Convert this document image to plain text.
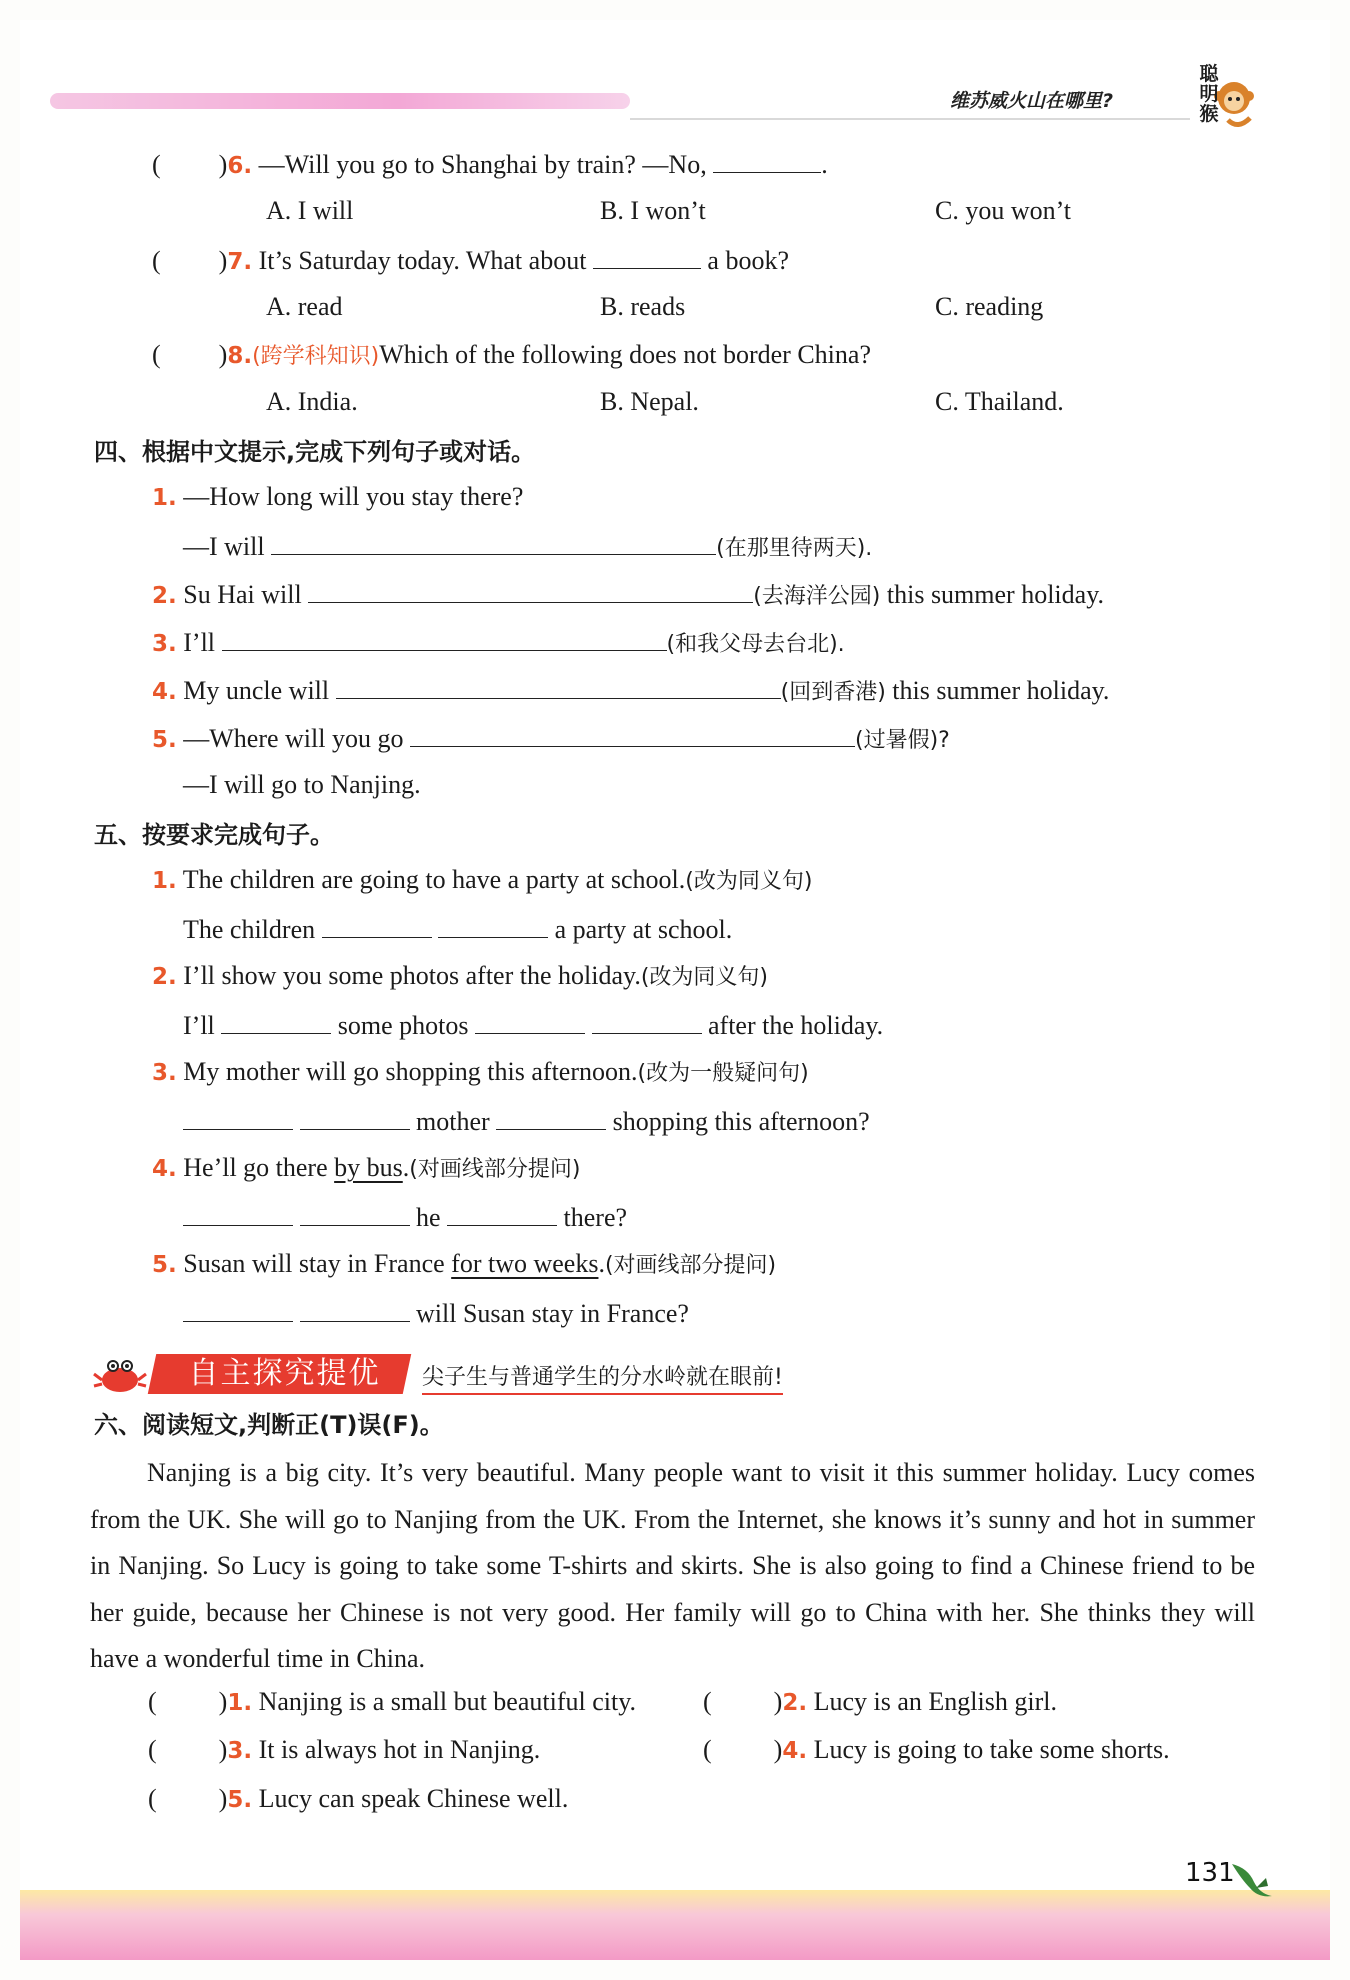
维苏威火山在哪里?
聪
明
猴
( )6. —Will you go to Shanghai by train? —No,	.
A. I will	B. I won’t	C. you won’t
( )7. It’s Saturday today. What about	a book?
A. read	B. reads	C. reading
( )8.(跨学科知识)Which of the following does not border China?
A. India.	B. Nepal.	C. Thailand.
四、根据中文提示,完成下列句子或对话。
1. —How long will you stay there?
—I will	(在那里待两天).
2. Su Hai will	(去海洋公园) this summer holiday.
3. I’ll	(和我父母去台北).
4. My uncle will	(回到香港) this summer holiday.
5. —Where will you go	(过暑假)?
—I will go to Nanjing.
五、按要求完成句子。
1. The children are going to have a party at school.(改为同义句)
The children	a party at school.
2. I’ll show you some photos after the holiday.(改为同义句)
I’ll	some photos	after the holiday.
3. My mother will go shopping this afternoon.(改为一般疑问句)
mother	shopping this afternoon?
4. He’ll go there by bus.(对画线部分提问)
he	there?
5. Susan will stay in France for two weeks.(对画线部分提问)
will Susan stay in France?
自主探究提优	尖子生与普通学生的分水岭就在眼前!
六、阅读短文,判断正(T)误(F)。
Nanjing is a big city. It’s very beautiful. Many people want to visit it this summer holiday. Lucy comes from the UK. She will go to Nanjing from the UK. From the Internet, she knows it’s sunny and hot in summer in Nanjing. So Lucy is going to take some T-shirts and skirts. She is also going to find a Chinese friend to be her guide, because her Chinese is not very good. Her family will go to China with her. She thinks they will have a wonderful time in China.
( )1. Nanjing is a small but beautiful city.	( )2. Lucy is an English girl.
( )3. It is always hot in Nanjing.	( )4. Lucy is going to take some shorts.
( )5. Lucy can speak Chinese well.
131
